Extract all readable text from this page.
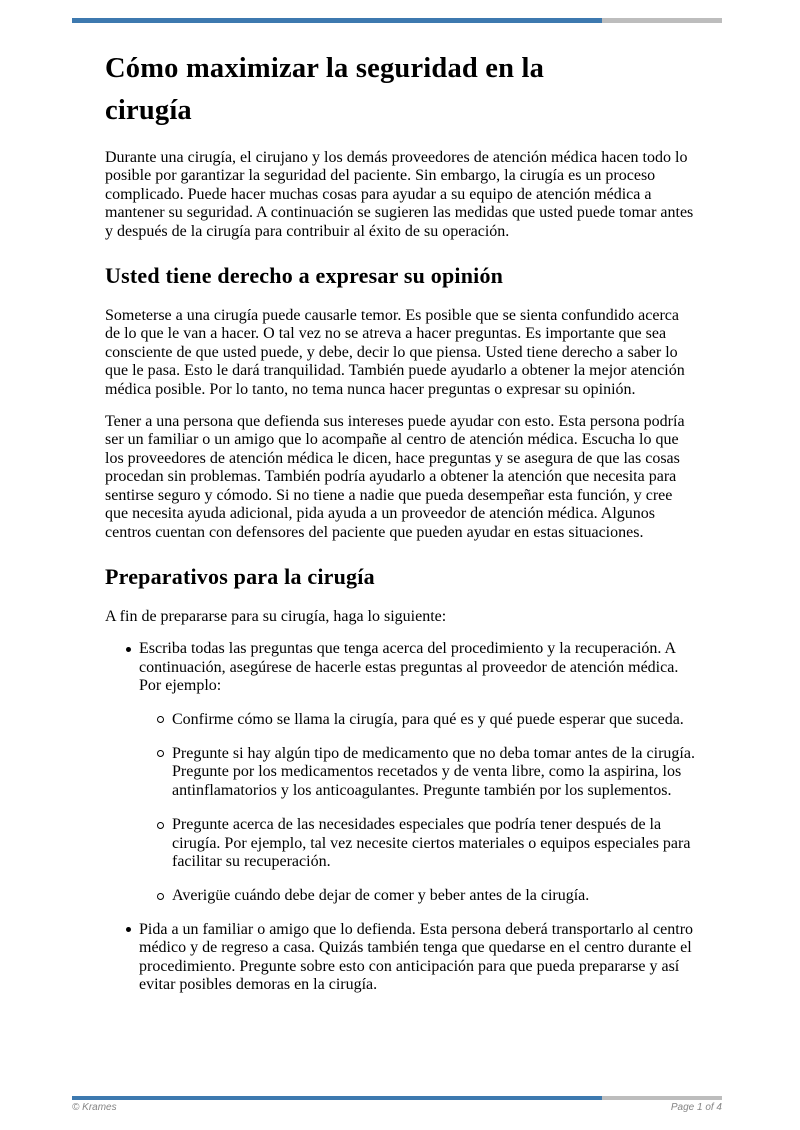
Cómo maximizar la seguridad en la
cirugía

Durante una cirugía, el cirujano y los demás proveedores de atención médica hacen todo lo posible por garantizar la seguridad del paciente. Sin embargo, la cirugía es un proceso complicado. Puede hacer muchas cosas para ayudar a su equipo de atención médica a mantener su seguridad. A continuación se sugieren las medidas que usted puede tomar antes y después de la cirugía para contribuir al éxito de su operación.

Usted tiene derecho a expresar su opinión

Someterse a una cirugía puede causarle temor. Es posible que se sienta confundido acerca de lo que le van a hacer. O tal vez no se atreva a hacer preguntas. Es importante que sea consciente de que usted puede, y debe, decir lo que piensa. Usted tiene derecho a saber lo que le pasa. Esto le dará tranquilidad. También puede ayudarlo a obtener la mejor atención médica posible. Por lo tanto, no tema nunca hacer preguntas o expresar su opinión.

Tener a una persona que defienda sus intereses puede ayudar con esto. Esta persona podría ser un familiar o un amigo que lo acompañe al centro de atención médica. Escucha lo que los proveedores de atención médica le dicen, hace preguntas y se asegura de que las cosas procedan sin problemas. También podría ayudarlo a obtener la atención que necesita para sentirse seguro y cómodo. Si no tiene a nadie que pueda desempeñar esta función, y cree que necesita ayuda adicional, pida ayuda a un proveedor de atención médica. Algunos centros cuentan con defensores del paciente que pueden ayudar en estas situaciones.

Preparativos para la cirugía

A fin de prepararse para su cirugía, haga lo siguiente:

Escriba todas las preguntas que tenga acerca del procedimiento y la recuperación. A continuación, asegúrese de hacerle estas preguntas al proveedor de atención médica. Por ejemplo:
Confirme cómo se llama la cirugía, para qué es y qué puede esperar que suceda.
Pregunte si hay algún tipo de medicamento que no deba tomar antes de la cirugía. Pregunte por los medicamentos recetados y de venta libre, como la aspirina, los antinflamatorios y los anticoagulantes. Pregunte también por los suplementos.
Pregunte acerca de las necesidades especiales que podría tener después de la cirugía. Por ejemplo, tal vez necesite ciertos materiales o equipos especiales para facilitar su recuperación.
Averigüe cuándo debe dejar de comer y beber antes de la cirugía.
Pida a un familiar o amigo que lo defienda. Esta persona deberá transportarlo al centro médico y de regreso a casa. Quizás también tenga que quedarse en el centro durante el procedimiento. Pregunte sobre esto con anticipación para que pueda prepararse y así evitar posibles demoras en la cirugía.
© Krames	Page 1 of 4
